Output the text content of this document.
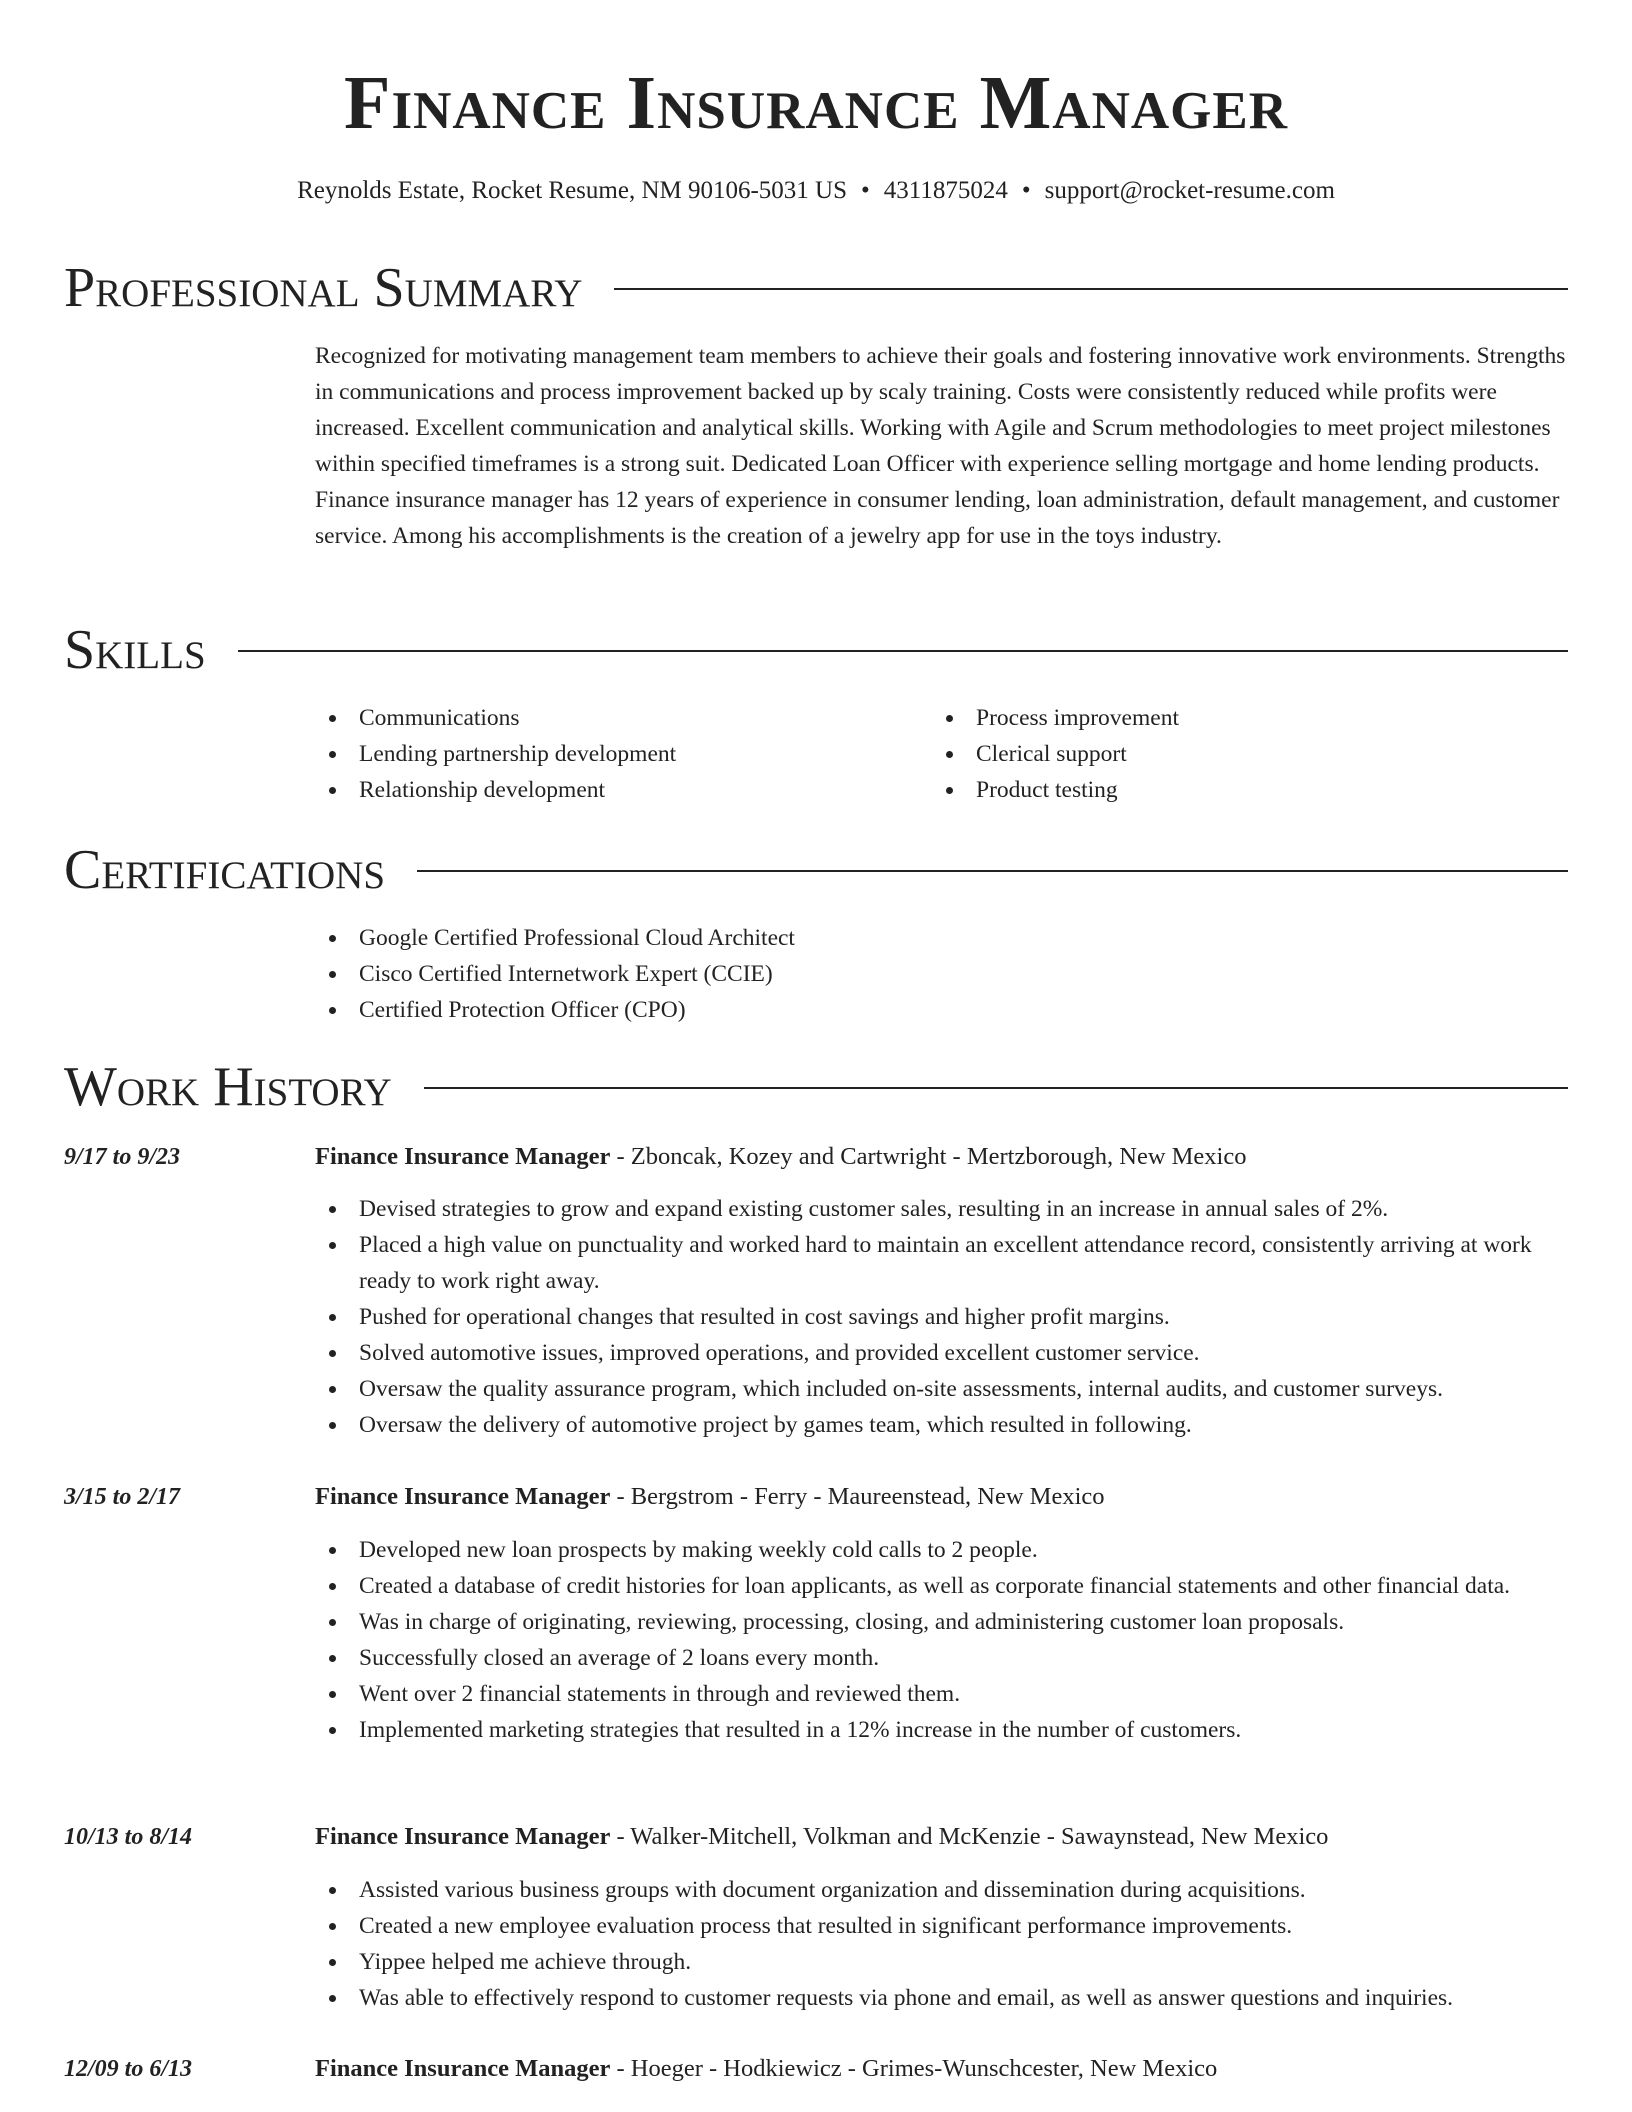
Finance Insurance Manager
Reynolds Estate, Rocket Resume, NM 90106-5031 US • 4311875024 • support@rocket-resume.com
Professional Summary

Recognized for motivating management team members to achieve their goals and fostering innovative work environments. Strengths in communications and process improvement backed up by scaly training. Costs were consistently reduced while profits were increased. Excellent communication and analytical skills. Working with Agile and Scrum methodologies to meet project milestones within specified timeframes is a strong suit. Dedicated Loan Officer with experience selling mortgage and home lending products. Finance insurance manager has 12 years of experience in consumer lending, loan administration, default management, and customer service. Among his accomplishments is the creation of a jewelry app for use in the toys industry.

Skills
Communications
Lending partnership development
Relationship development
Process improvement
Clerical support
Product testing
Certifications
Google Certified Professional Cloud Architect
Cisco Certified Internetwork Expert (CCIE)
Certified Protection Officer (CPO)
Work History
9/17 to 9/23	Finance Insurance Manager - Zboncak, Kozey and Cartwright - Mertzborough, New Mexico
Devised strategies to grow and expand existing customer sales, resulting in an increase in annual sales of 2%.
Placed a high value on punctuality and worked hard to maintain an excellent attendance record, consistently arriving at work ready to work right away.
Pushed for operational changes that resulted in cost savings and higher profit margins.
Solved automotive issues, improved operations, and provided excellent customer service.
Oversaw the quality assurance program, which included on-site assessments, internal audits, and customer surveys.
Oversaw the delivery of automotive project by games team, which resulted in following.
3/15 to 2/17	Finance Insurance Manager - Bergstrom - Ferry - Maureenstead, New Mexico
Developed new loan prospects by making weekly cold calls to 2 people.
Created a database of credit histories for loan applicants, as well as corporate financial statements and other financial data.
Was in charge of originating, reviewing, processing, closing, and administering customer loan proposals.
Successfully closed an average of 2 loans every month.
Went over 2 financial statements in through and reviewed them.
Implemented marketing strategies that resulted in a 12% increase in the number of customers.
10/13 to 8/14	Finance Insurance Manager - Walker-Mitchell, Volkman and McKenzie - Sawaynstead, New Mexico
Assisted various business groups with document organization and dissemination during acquisitions.
Created a new employee evaluation process that resulted in significant performance improvements.
Yippee helped me achieve through.
Was able to effectively respond to customer requests via phone and email, as well as answer questions and inquiries.
12/09 to 6/13	Finance Insurance Manager - Hoeger - Hodkiewicz - Grimes-Wunschcester, New Mexico
